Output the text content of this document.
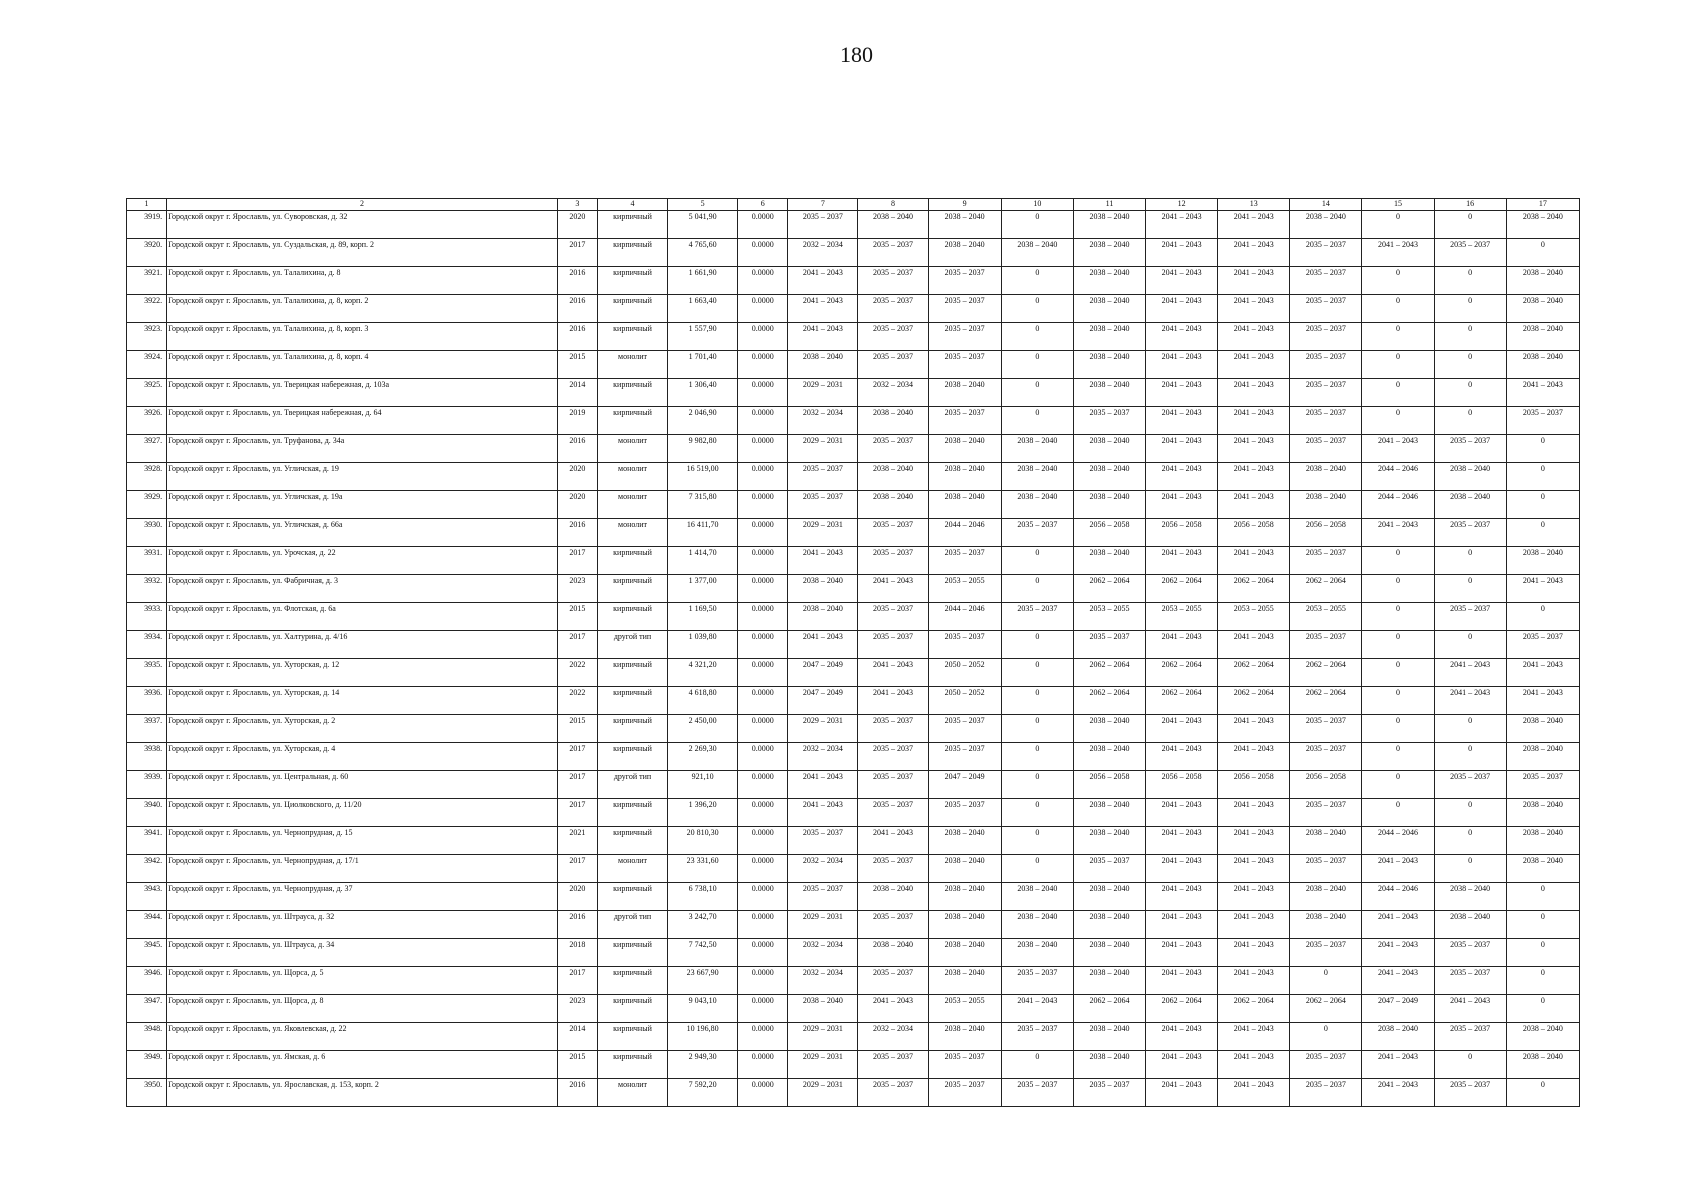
180
1	2	3	4	5	6	7	8	9	10	11	12	13	14	15	16	17
3919.	Городской округ г. Ярославль, ул. Суворовская, д. 32	2020	кирпичный	5 041,90	0.0000	2035 – 2037	2038 – 2040	2038 – 2040	0	2038 – 2040	2041 – 2043	2041 – 2043	2038 – 2040	0	0	2038 – 2040
3920.	Городской округ г. Ярославль, ул. Суздальская, д. 89, корп. 2	2017	кирпичный	4 765,60	0.0000	2032 – 2034	2035 – 2037	2038 – 2040	2038 – 2040	2038 – 2040	2041 – 2043	2041 – 2043	2035 – 2037	2041 – 2043	2035 – 2037	0
3921.	Городской округ г. Ярославль, ул. Талалихина, д. 8	2016	кирпичный	1 661,90	0.0000	2041 – 2043	2035 – 2037	2035 – 2037	0	2038 – 2040	2041 – 2043	2041 – 2043	2035 – 2037	0	0	2038 – 2040
3922.	Городской округ г. Ярославль, ул. Талалихина, д. 8, корп. 2	2016	кирпичный	1 663,40	0.0000	2041 – 2043	2035 – 2037	2035 – 2037	0	2038 – 2040	2041 – 2043	2041 – 2043	2035 – 2037	0	0	2038 – 2040
3923.	Городской округ г. Ярославль, ул. Талалихина, д. 8, корп. 3	2016	кирпичный	1 557,90	0.0000	2041 – 2043	2035 – 2037	2035 – 2037	0	2038 – 2040	2041 – 2043	2041 – 2043	2035 – 2037	0	0	2038 – 2040
3924.	Городской округ г. Ярославль, ул. Талалихина, д. 8, корп. 4	2015	монолит	1 701,40	0.0000	2038 – 2040	2035 – 2037	2035 – 2037	0	2038 – 2040	2041 – 2043	2041 – 2043	2035 – 2037	0	0	2038 – 2040
3925.	Городской округ г. Ярославль, ул. Тверицкая набережная, д. 103а	2014	кирпичный	1 306,40	0.0000	2029 – 2031	2032 – 2034	2038 – 2040	0	2038 – 2040	2041 – 2043	2041 – 2043	2035 – 2037	0	0	2041 – 2043
3926.	Городской округ г. Ярославль, ул. Тверицкая набережная, д. 64	2019	кирпичный	2 046,90	0.0000	2032 – 2034	2038 – 2040	2035 – 2037	0	2035 – 2037	2041 – 2043	2041 – 2043	2035 – 2037	0	0	2035 – 2037
3927.	Городской округ г. Ярославль, ул. Труфанова, д. 34а	2016	монолит	9 982,80	0.0000	2029 – 2031	2035 – 2037	2038 – 2040	2038 – 2040	2038 – 2040	2041 – 2043	2041 – 2043	2035 – 2037	2041 – 2043	2035 – 2037	0
3928.	Городской округ г. Ярославль, ул. Угличская, д. 19	2020	монолит	16 519,00	0.0000	2035 – 2037	2038 – 2040	2038 – 2040	2038 – 2040	2038 – 2040	2041 – 2043	2041 – 2043	2038 – 2040	2044 – 2046	2038 – 2040	0
3929.	Городской округ г. Ярославль, ул. Угличская, д. 19а	2020	монолит	7 315,80	0.0000	2035 – 2037	2038 – 2040	2038 – 2040	2038 – 2040	2038 – 2040	2041 – 2043	2041 – 2043	2038 – 2040	2044 – 2046	2038 – 2040	0
3930.	Городской округ г. Ярославль, ул. Угличская, д. 66а	2016	монолит	16 411,70	0.0000	2029 – 2031	2035 – 2037	2044 – 2046	2035 – 2037	2056 – 2058	2056 – 2058	2056 – 2058	2056 – 2058	2041 – 2043	2035 – 2037	0
3931.	Городской округ г. Ярославль, ул. Урочская, д. 22	2017	кирпичный	1 414,70	0.0000	2041 – 2043	2035 – 2037	2035 – 2037	0	2038 – 2040	2041 – 2043	2041 – 2043	2035 – 2037	0	0	2038 – 2040
3932.	Городской округ г. Ярославль, ул. Фабричная, д. 3	2023	кирпичный	1 377,00	0.0000	2038 – 2040	2041 – 2043	2053 – 2055	0	2062 – 2064	2062 – 2064	2062 – 2064	2062 – 2064	0	0	2041 – 2043
3933.	Городской округ г. Ярославль, ул. Флотская, д. 6а	2015	кирпичный	1 169,50	0.0000	2038 – 2040	2035 – 2037	2044 – 2046	2035 – 2037	2053 – 2055	2053 – 2055	2053 – 2055	2053 – 2055	0	2035 – 2037	0
3934.	Городской округ г. Ярославль, ул. Халтурина, д. 4/16	2017	другой тип	1 039,80	0.0000	2041 – 2043	2035 – 2037	2035 – 2037	0	2035 – 2037	2041 – 2043	2041 – 2043	2035 – 2037	0	0	2035 – 2037
3935.	Городской округ г. Ярославль, ул. Хуторская, д. 12	2022	кирпичный	4 321,20	0.0000	2047 – 2049	2041 – 2043	2050 – 2052	0	2062 – 2064	2062 – 2064	2062 – 2064	2062 – 2064	0	2041 – 2043	2041 – 2043
3936.	Городской округ г. Ярославль, ул. Хуторская, д. 14	2022	кирпичный	4 618,80	0.0000	2047 – 2049	2041 – 2043	2050 – 2052	0	2062 – 2064	2062 – 2064	2062 – 2064	2062 – 2064	0	2041 – 2043	2041 – 2043
3937.	Городской округ г. Ярославль, ул. Хуторская, д. 2	2015	кирпичный	2 450,00	0.0000	2029 – 2031	2035 – 2037	2035 – 2037	0	2038 – 2040	2041 – 2043	2041 – 2043	2035 – 2037	0	0	2038 – 2040
3938.	Городской округ г. Ярославль, ул. Хуторская, д. 4	2017	кирпичный	2 269,30	0.0000	2032 – 2034	2035 – 2037	2035 – 2037	0	2038 – 2040	2041 – 2043	2041 – 2043	2035 – 2037	0	0	2038 – 2040
3939.	Городской округ г. Ярославль, ул. Центральная, д. 60	2017	другой тип	921,10	0.0000	2041 – 2043	2035 – 2037	2047 – 2049	0	2056 – 2058	2056 – 2058	2056 – 2058	2056 – 2058	0	2035 – 2037	2035 – 2037
3940.	Городской округ г. Ярославль, ул. Циолковского, д. 11/20	2017	кирпичный	1 396,20	0.0000	2041 – 2043	2035 – 2037	2035 – 2037	0	2038 – 2040	2041 – 2043	2041 – 2043	2035 – 2037	0	0	2038 – 2040
3941.	Городской округ г. Ярославль, ул. Чернопрудная, д. 15	2021	кирпичный	20 810,30	0.0000	2035 – 2037	2041 – 2043	2038 – 2040	0	2038 – 2040	2041 – 2043	2041 – 2043	2038 – 2040	2044 – 2046	0	2038 – 2040
3942.	Городской округ г. Ярославль, ул. Чернопрудная, д. 17/1	2017	монолит	23 331,60	0.0000	2032 – 2034	2035 – 2037	2038 – 2040	0	2035 – 2037	2041 – 2043	2041 – 2043	2035 – 2037	2041 – 2043	0	2038 – 2040
3943.	Городской округ г. Ярославль, ул. Чернопрудная, д. 37	2020	кирпичный	6 738,10	0.0000	2035 – 2037	2038 – 2040	2038 – 2040	2038 – 2040	2038 – 2040	2041 – 2043	2041 – 2043	2038 – 2040	2044 – 2046	2038 – 2040	0
3944.	Городской округ г. Ярославль, ул. Штрауса, д. 32	2016	другой тип	3 242,70	0.0000	2029 – 2031	2035 – 2037	2038 – 2040	2038 – 2040	2038 – 2040	2041 – 2043	2041 – 2043	2038 – 2040	2041 – 2043	2038 – 2040	0
3945.	Городской округ г. Ярославль, ул. Штрауса, д. 34	2018	кирпичный	7 742,50	0.0000	2032 – 2034	2038 – 2040	2038 – 2040	2038 – 2040	2038 – 2040	2041 – 2043	2041 – 2043	2035 – 2037	2041 – 2043	2035 – 2037	0
3946.	Городской округ г. Ярославль, ул. Щорса, д. 5	2017	кирпичный	23 667,90	0.0000	2032 – 2034	2035 – 2037	2038 – 2040	2035 – 2037	2038 – 2040	2041 – 2043	2041 – 2043	0	2041 – 2043	2035 – 2037	0
3947.	Городской округ г. Ярославль, ул. Щорса, д. 8	2023	кирпичный	9 043,10	0.0000	2038 – 2040	2041 – 2043	2053 – 2055	2041 – 2043	2062 – 2064	2062 – 2064	2062 – 2064	2062 – 2064	2047 – 2049	2041 – 2043	0
3948.	Городской округ г. Ярославль, ул. Яковлевская, д. 22	2014	кирпичный	10 196,80	0.0000	2029 – 2031	2032 – 2034	2038 – 2040	2035 – 2037	2038 – 2040	2041 – 2043	2041 – 2043	0	2038 – 2040	2035 – 2037	2038 – 2040
3949.	Городской округ г. Ярославль, ул. Ямская, д. 6	2015	кирпичный	2 949,30	0.0000	2029 – 2031	2035 – 2037	2035 – 2037	0	2038 – 2040	2041 – 2043	2041 – 2043	2035 – 2037	2041 – 2043	0	2038 – 2040
3950.	Городской округ г. Ярославль, ул. Ярославская, д. 153, корп. 2	2016	монолит	7 592,20	0.0000	2029 – 2031	2035 – 2037	2035 – 2037	2035 – 2037	2035 – 2037	2041 – 2043	2041 – 2043	2035 – 2037	2041 – 2043	2035 – 2037	0
